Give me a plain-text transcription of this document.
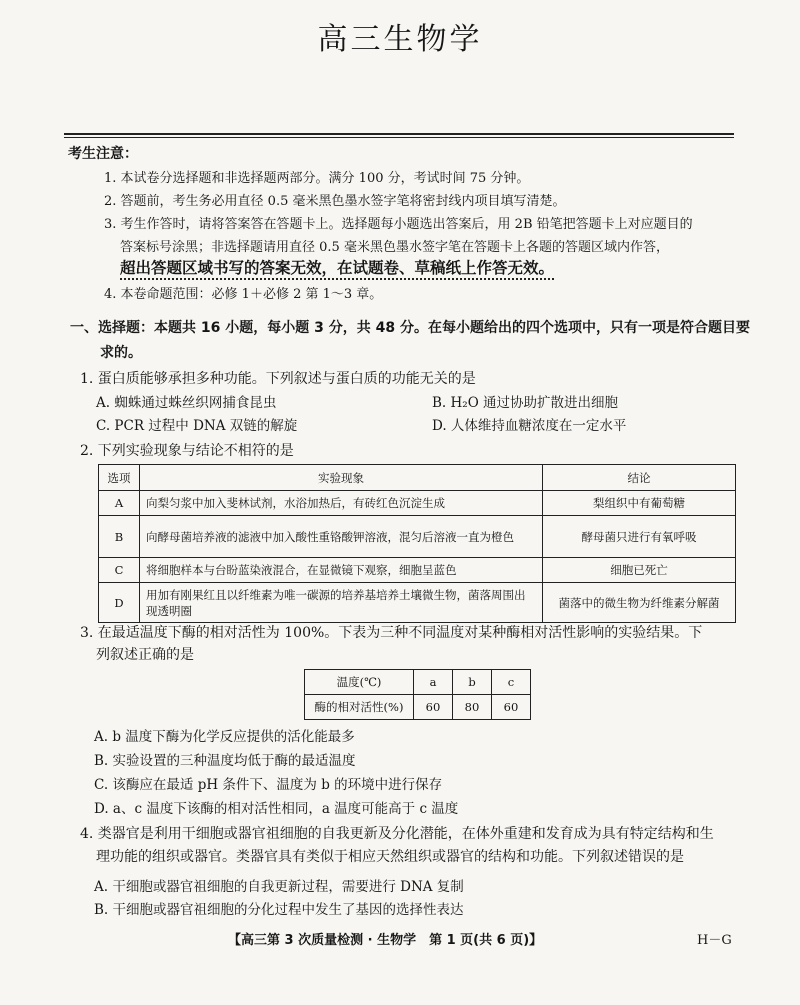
高三生物学
考生注意：
1. 本试卷分选择题和非选择题两部分。满分 100 分，考试时间 75 分钟。
2. 答题前，考生务必用直径 0.5 毫米黑色墨水签字笔将密封线内项目填写清楚。
3. 考生作答时，请将答案答在答题卡上。选择题每小题选出答案后，用 2B 铅笔把答题卡上对应题目的
答案标号涂黑；非选择题请用直径 0.5 毫米黑色墨水签字笔在答题卡上各题的答题区域内作答，
超出答题区域书写的答案无效，在试题卷、草稿纸上作答无效。
4. 本卷命题范围：必修 1＋必修 2 第 1～3 章。
一、选择题：本题共 16 小题，每小题 3 分，共 48 分。在每小题给出的四个选项中，只有一项是符合题目要
求的。
1. 蛋白质能够承担多种功能。下列叙述与蛋白质的功能无关的是
A. 蜘蛛通过蛛丝织网捕食昆虫	B. H₂O 通过协助扩散进出细胞
C. PCR 过程中 DNA 双链的解旋	D. 人体维持血糖浓度在一定水平
2. 下列实验现象与结论不相符的是
选项	实验现象	结论
A	向梨匀浆中加入斐林试剂，水浴加热后，有砖红色沉淀生成	梨组织中有葡萄糖
B	向酵母菌培养液的滤液中加入酸性重铬酸钾溶液，混匀后溶液一直为橙色	酵母菌只进行有氧呼吸
C	将细胞样本与台盼蓝染液混合，在显微镜下观察，细胞呈蓝色	细胞已死亡
D	用加有刚果红且以纤维素为唯一碳源的培养基培养土壤微生物，菌落周围出现透明圈	菌落中的微生物为纤维素分解菌
3. 在最适温度下酶的相对活性为 100%。下表为三种不同温度对某种酶相对活性影响的实验结果。下
列叙述正确的是
温度(℃)	a	b	c
酶的相对活性(%)	60	80	60
A. b 温度下酶为化学反应提供的活化能最多
B. 实验设置的三种温度均低于酶的最适温度
C. 该酶应在最适 pH 条件下、温度为 b 的环境中进行保存
D. a、c 温度下该酶的相对活性相同，a 温度可能高于 c 温度
4. 类器官是利用干细胞或器官祖细胞的自我更新及分化潜能，在体外重建和发育成为具有特定结构和生
理功能的组织或器官。类器官具有类似于相应天然组织或器官的结构和功能。下列叙述错误的是
A. 干细胞或器官祖细胞的自我更新过程，需要进行 DNA 复制
B. 干细胞或器官祖细胞的分化过程中发生了基因的选择性表达
【高三第 3 次质量检测 · 生物学　第 1 页(共 6 页)】	H－G
